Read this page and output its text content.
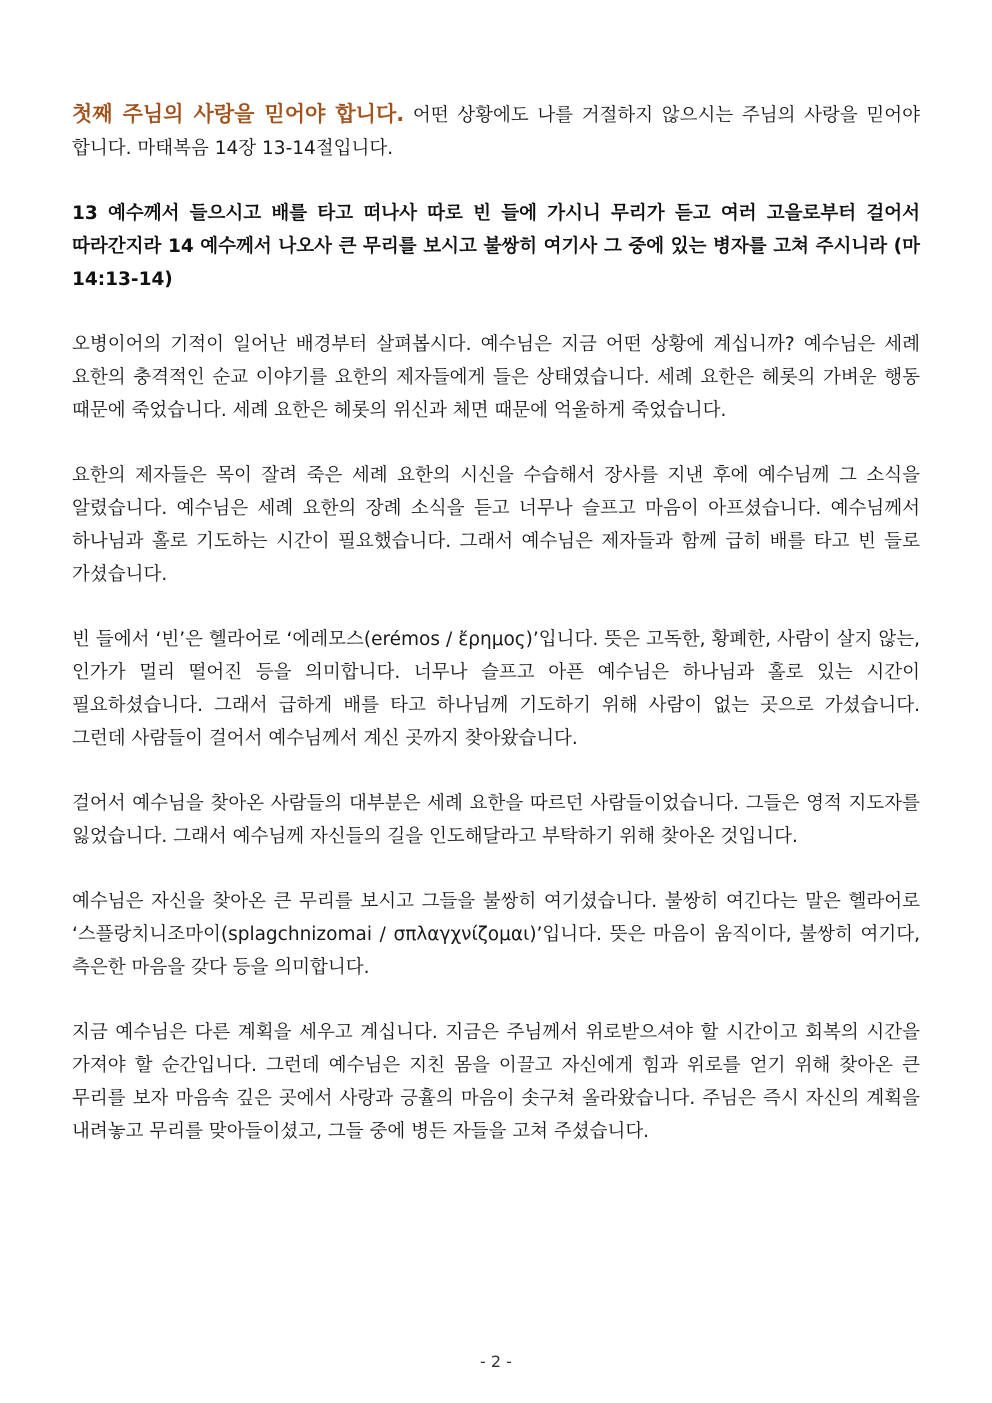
첫째 주님의 사랑을 믿어야 합니다. 어떤 상황에도 나를 거절하지 않으시는 주님의 사랑을 믿어야 합니다. 마태복음 14장 13-14절입니다.

13 예수께서 들으시고 배를 타고 떠나사 따로 빈 들에 가시니 무리가 듣고 여러 고을로부터 걸어서 따라간지라 14 예수께서 나오사 큰 무리를 보시고 불쌍히 여기사 그 중에 있는 병자를 고쳐 주시니라 (마 14:13-14)

오병이어의 기적이 일어난 배경부터 살펴봅시다. 예수님은 지금 어떤 상황에 계십니까? 예수님은 세례 요한의 충격적인 순교 이야기를 요한의 제자들에게 들은 상태였습니다. 세례 요한은 헤롯의 가벼운 행동 때문에 죽었습니다. 세례 요한은 헤롯의 위신과 체면 때문에 억울하게 죽었습니다.

요한의 제자들은 목이 잘려 죽은 세례 요한의 시신을 수습해서 장사를 지낸 후에 예수님께 그 소식을 알렸습니다. 예수님은 세례 요한의 장례 소식을 듣고 너무나 슬프고 마음이 아프셨습니다. 예수님께서 하나님과 홀로 기도하는 시간이 필요했습니다. 그래서 예수님은 제자들과 함께 급히 배를 타고 빈 들로 가셨습니다.

빈 들에서 ‘빈’은 헬라어로 ‘에레모스(erémos / ἔρημος)’입니다. 뜻은 고독한, 황폐한, 사람이 살지 않는, 인가가 멀리 떨어진 등을 의미합니다. 너무나 슬프고 아픈 예수님은 하나님과 홀로 있는 시간이 필요하셨습니다. 그래서 급하게 배를 타고 하나님께 기도하기 위해 사람이 없는 곳으로 가셨습니다. 그런데 사람들이 걸어서 예수님께서 계신 곳까지 찾아왔습니다.

걸어서 예수님을 찾아온 사람들의 대부분은 세례 요한을 따르던 사람들이었습니다. 그들은 영적 지도자를 잃었습니다. 그래서 예수님께 자신들의 길을 인도해달라고 부탁하기 위해 찾아온 것입니다.

예수님은 자신을 찾아온 큰 무리를 보시고 그들을 불쌍히 여기셨습니다. 불쌍히 여긴다는 말은 헬라어로 ‘스플랑치니조마이(splagchnizomai / σπλαγχνίζομαι)’입니다. 뜻은 마음이 움직이다, 불쌍히 여기다, 측은한 마음을 갖다 등을 의미합니다.

지금 예수님은 다른 계획을 세우고 계십니다. 지금은 주님께서 위로받으셔야 할 시간이고 회복의 시간을 가져야 할 순간입니다. 그런데 예수님은 지친 몸을 이끌고 자신에게 힘과 위로를 얻기 위해 찾아온 큰 무리를 보자 마음속 깊은 곳에서 사랑과 긍휼의 마음이 솟구쳐 올라왔습니다. 주님은 즉시 자신의 계획을 내려놓고 무리를 맞아들이셨고, 그들 중에 병든 자들을 고쳐 주셨습니다.

- 2 -
